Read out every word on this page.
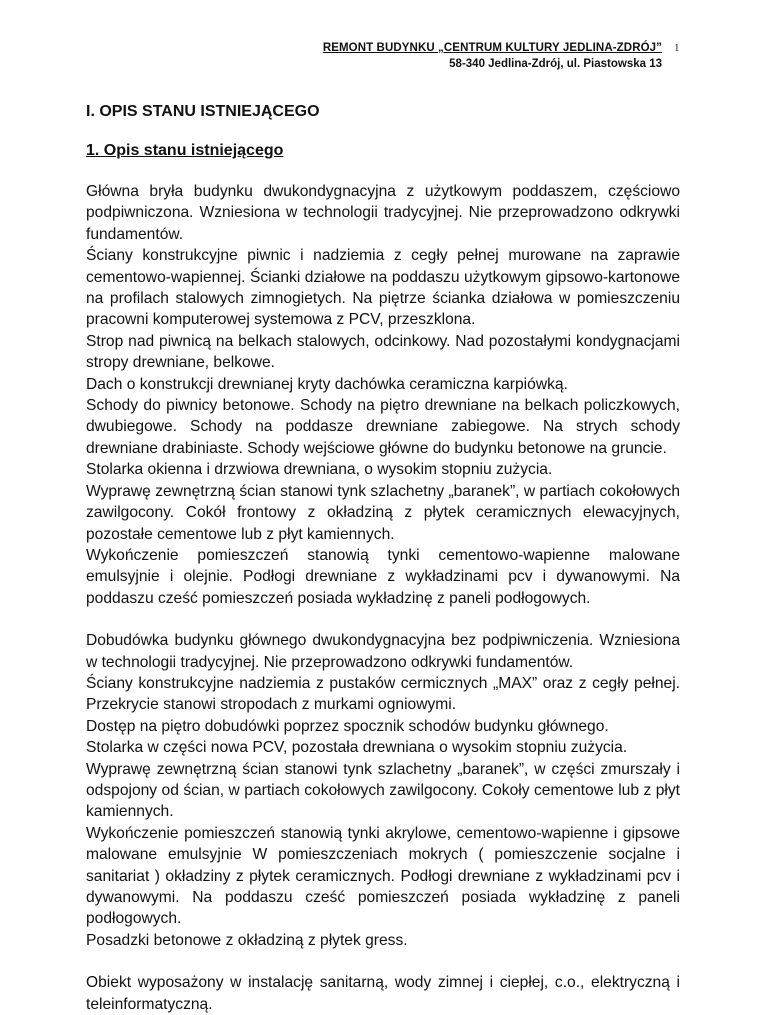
REMONT BUDYNKU „CENTRUM KULTURY JEDLINA-ZDRÓJ”
58-340 Jedlina-Zdrój, ul. Piastowska 13
1
I. OPIS STANU ISTNIEJĄCEGO
1. Opis stanu istniejącego

Główna bryła budynku dwukondygnacyjna z użytkowym poddaszem, częściowo podpiwniczona. Wzniesiona w technologii tradycyjnej. Nie przeprowadzono odkrywki fundamentów.

Ściany konstrukcyjne piwnic i nadziemia z cegły pełnej murowane na zaprawie cementowo-wapiennej. Ścianki działowe na poddaszu użytkowym gipsowo-kartonowe na profilach stalowych zimnogietych. Na piętrze ścianka działowa w pomieszczeniu pracowni komputerowej systemowa z PCV, przeszklona.

Strop nad piwnicą na belkach stalowych, odcinkowy. Nad pozostałymi kondygnacjami stropy drewniane, belkowe.

Dach o konstrukcji drewnianej kryty dachówka ceramiczna karpiówką.

Schody do piwnicy betonowe. Schody na piętro drewniane na belkach policzkowych, dwubiegowe. Schody na poddasze drewniane zabiegowe. Na strych schody drewniane drabiniaste. Schody wejściowe główne do budynku betonowe na gruncie.

Stolarka okienna i drzwiowa drewniana, o wysokim stopniu zużycia.

Wyprawę zewnętrzną ścian stanowi tynk szlachetny „baranek”, w partiach cokołowych zawilgocony. Cokół frontowy z okładziną z płytek ceramicznych elewacyjnych, pozostałe cementowe lub z płyt kamiennych.

Wykończenie pomieszczeń stanowią tynki cementowo-wapienne malowane emulsyjnie i olejnie. Podłogi drewniane z wykładzinami pcv i dywanowymi. Na poddaszu cześć pomieszczeń posiada wykładzinę z paneli podłogowych.

Dobudówka budynku głównego dwukondygnacyjna bez podpiwniczenia. Wzniesiona w technologii tradycyjnej. Nie przeprowadzono odkrywki fundamentów.

Ściany konstrukcyjne nadziemia z pustaków cermicznych „MAX” oraz z cegły pełnej. Przekrycie stanowi stropodach z murkami ogniowymi.

Dostęp na piętro dobudówki poprzez spocznik schodów budynku głównego.

Stolarka w części nowa PCV, pozostała drewniana o wysokim stopniu zużycia.

Wyprawę zewnętrzną ścian stanowi tynk szlachetny „baranek”, w części zmurszały i odspojony od ścian, w partiach cokołowych zawilgocony. Cokoły cementowe lub z płyt kamiennych.

Wykończenie pomieszczeń stanowią tynki akrylowe, cementowo-wapienne i gipsowe malowane emulsyjnie W pomieszczeniach mokrych ( pomieszczenie socjalne i sanitariat ) okładziny z płytek ceramicznych. Podłogi drewniane z wykładzinami pcv i dywanowymi. Na poddaszu cześć pomieszczeń posiada wykładzinę z paneli podłogowych.

Posadzki betonowe z okładziną z płytek gress.

Obiekt wyposażony w instalację sanitarną, wody zimnej i ciepłej, c.o., elektryczną i teleinformatyczną.
